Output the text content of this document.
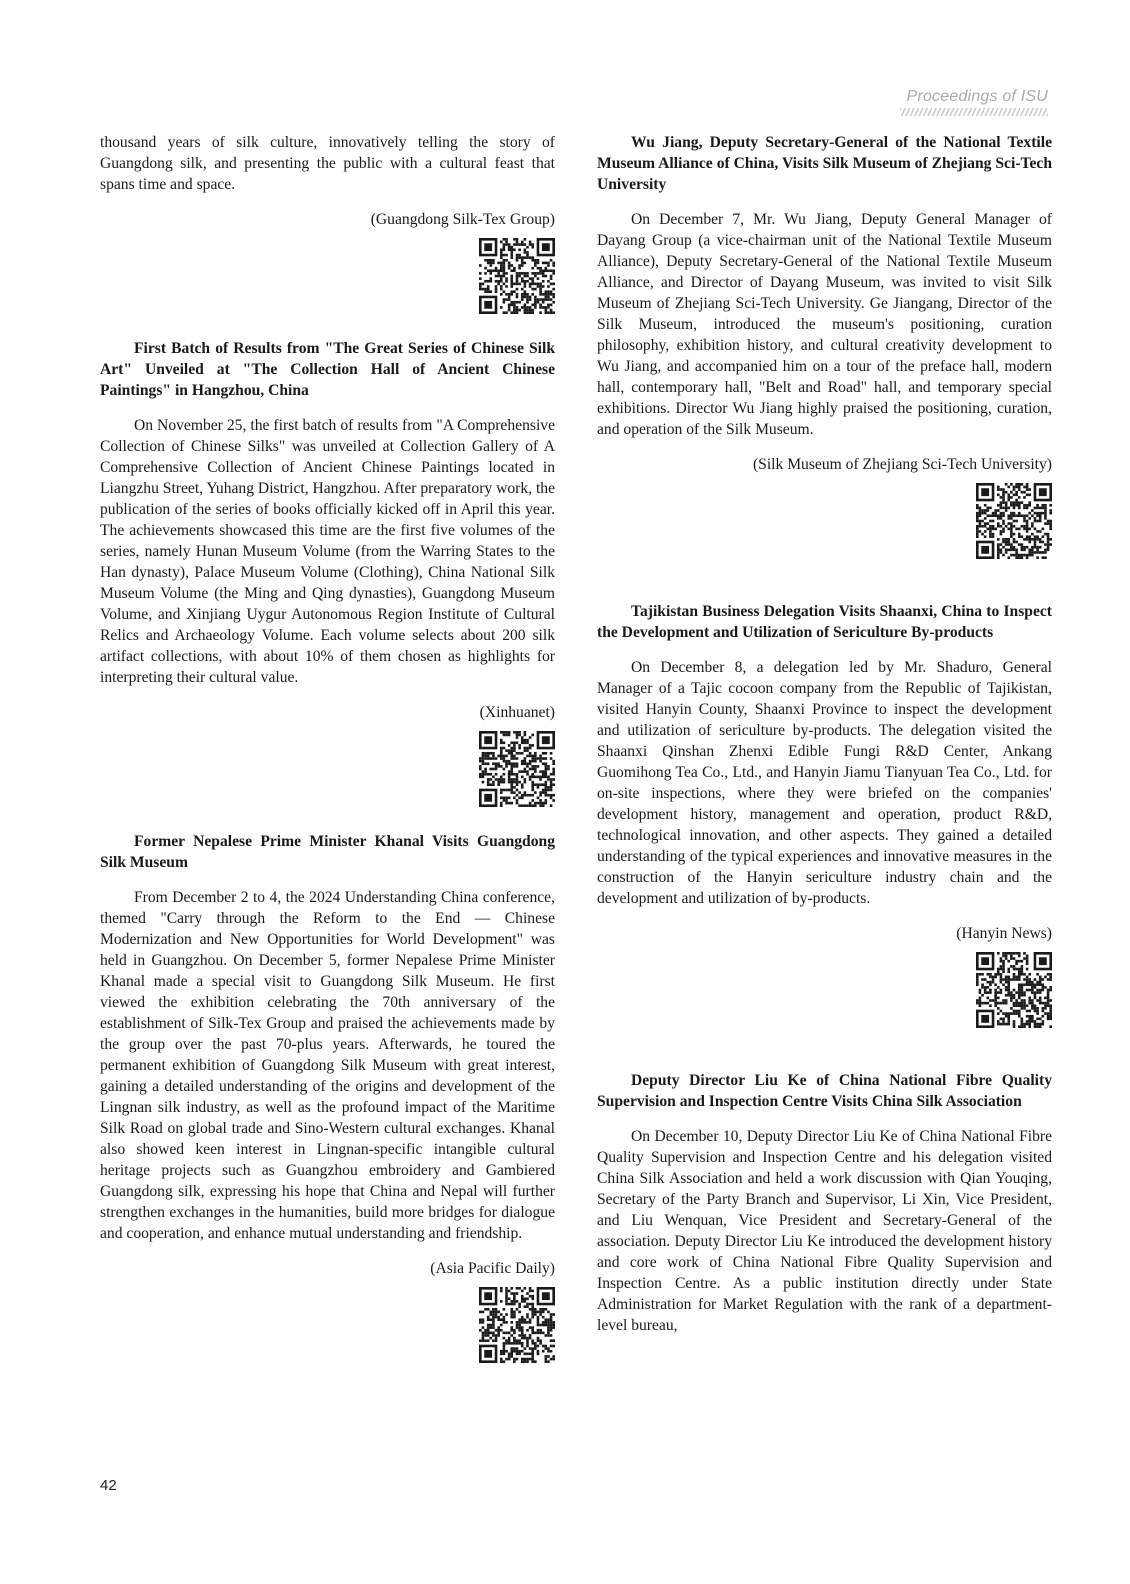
Proceedings of ISU

thousand years of silk culture, innovatively telling the story of Guangdong silk, and presenting the public with a cultural feast that spans time and space.

(Guangdong Silk-Tex Group)

First Batch of Results from "The Great Series of Chinese Silk Art" Unveiled at "The Collection Hall of Ancient Chinese Paintings" in Hangzhou, China

On November 25, the first batch of results from "A Comprehensive Collection of Chinese Silks" was unveiled at Collection Gallery of A Comprehensive Collection of Ancient Chinese Paintings located in Liangzhu Street, Yuhang District, Hangzhou. After preparatory work, the publication of the series of books officially kicked off in April this year. The achievements showcased this time are the first five volumes of the series, namely Hunan Museum Volume (from the Warring States to the Han dynasty), Palace Museum Volume (Clothing), China National Silk Museum Volume (the Ming and Qing dynasties), Guangdong Museum Volume, and Xinjiang Uygur Autonomous Region Institute of Cultural Relics and Archaeology Volume. Each volume selects about 200 silk artifact collections, with about 10% of them chosen as highlights for interpreting their cultural value.

(Xinhuanet)

Former Nepalese Prime Minister Khanal Visits Guangdong Silk Museum

From December 2 to 4, the 2024 Understanding China conference, themed "Carry through the Reform to the End — Chinese Modernization and New Opportunities for World Development" was held in Guangzhou. On December 5, former Nepalese Prime Minister Khanal made a special visit to Guangdong Silk Museum. He first viewed the exhibition celebrating the 70th anniversary of the establishment of Silk-Tex Group and praised the achievements made by the group over the past 70-plus years. Afterwards, he toured the permanent exhibition of Guangdong Silk Museum with great interest, gaining a detailed understanding of the origins and development of the Lingnan silk industry, as well as the profound impact of the Maritime Silk Road on global trade and Sino-Western cultural exchanges. Khanal also showed keen interest in Lingnan-specific intangible cultural heritage projects such as Guangzhou embroidery and Gambiered Guangdong silk, expressing his hope that China and Nepal will further strengthen exchanges in the humanities, build more bridges for dialogue and cooperation, and enhance mutual understanding and friendship.

(Asia Pacific Daily)

Wu Jiang, Deputy Secretary-General of the National Textile Museum Alliance of China, Visits Silk Museum of Zhejiang Sci-Tech University

On December 7, Mr. Wu Jiang, Deputy General Manager of Dayang Group (a vice-chairman unit of the National Textile Museum Alliance), Deputy Secretary-General of the National Textile Museum Alliance, and Director of Dayang Museum, was invited to visit Silk Museum of Zhejiang Sci-Tech University. Ge Jiangang, Director of the Silk Museum, introduced the museum's positioning, curation philosophy, exhibition history, and cultural creativity development to Wu Jiang, and accompanied him on a tour of the preface hall, modern hall, contemporary hall, "Belt and Road" hall, and temporary special exhibitions. Director Wu Jiang highly praised the positioning, curation, and operation of the Silk Museum.

(Silk Museum of Zhejiang Sci-Tech University)

Tajikistan Business Delegation Visits Shaanxi, China to Inspect the Development and Utilization of Sericulture By-products

On December 8, a delegation led by Mr. Shaduro, General Manager of a Tajic cocoon company from the Republic of Tajikistan, visited Hanyin County, Shaanxi Province to inspect the development and utilization of sericulture by-products. The delegation visited the Shaanxi Qinshan Zhenxi Edible Fungi R&D Center, Ankang Guomihong Tea Co., Ltd., and Hanyin Jiamu Tianyuan Tea Co., Ltd. for on-site inspections, where they were briefed on the companies' development history, management and operation, product R&D, technological innovation, and other aspects. They gained a detailed understanding of the typical experiences and innovative measures in the construction of the Hanyin sericulture industry chain and the development and utilization of by-products.

(Hanyin News)

Deputy Director Liu Ke of China National Fibre Quality Supervision and Inspection Centre Visits China Silk Association

On December 10, Deputy Director Liu Ke of China National Fibre Quality Supervision and Inspection Centre and his delegation visited China Silk Association and held a work discussion with Qian Youqing, Secretary of the Party Branch and Supervisor, Li Xin, Vice President, and Liu Wenquan, Vice President and Secretary-General of the association. Deputy Director Liu Ke introduced the development history and core work of China National Fibre Quality Supervision and Inspection Centre. As a public institution directly under State Administration for Market Regulation with the rank of a department-level bureau,

42
